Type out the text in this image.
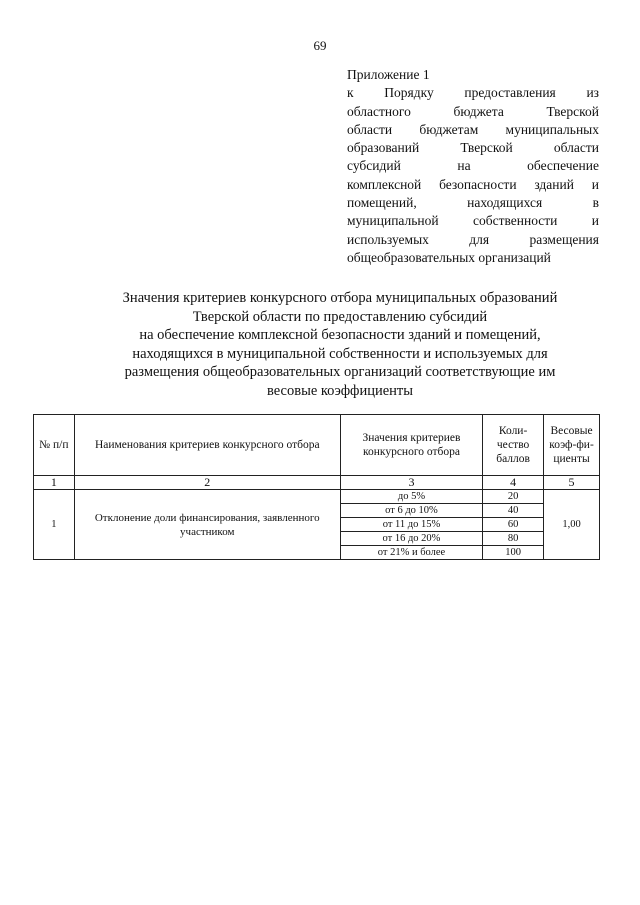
69
Приложение 1
к Порядку предоставления из
областного бюджета Тверской
области бюджетам муниципальных
образований Тверской области
субсидий на обеспечение
комплексной безопасности зданий и
помещений, находящихся в
муниципальной собственности и
используемых для размещения
общеобразовательных организаций
Значения критериев конкурсного отбора муниципальных образований
Тверской области по предоставлению субсидий
на обеспечение комплексной безопасности зданий и помещений,
находящихся в муниципальной собственности и используемых для
размещения общеобразовательных организаций соответствующие им
весовые коэффициенты
№ п/п	Наименования критериев конкурсного отбора	Значения критериев конкурсного отбора	Коли-чество баллов	Весовые коэф-фи-циенты
1	2	3	4	5
1	Отклонение доли финансирования, заявленного участником	до 5%	20	1,00
		от 6 до 10%	40	
		от 11 до 15%	60	
		от 16 до 20%	80	
		от 21% и более	100	
